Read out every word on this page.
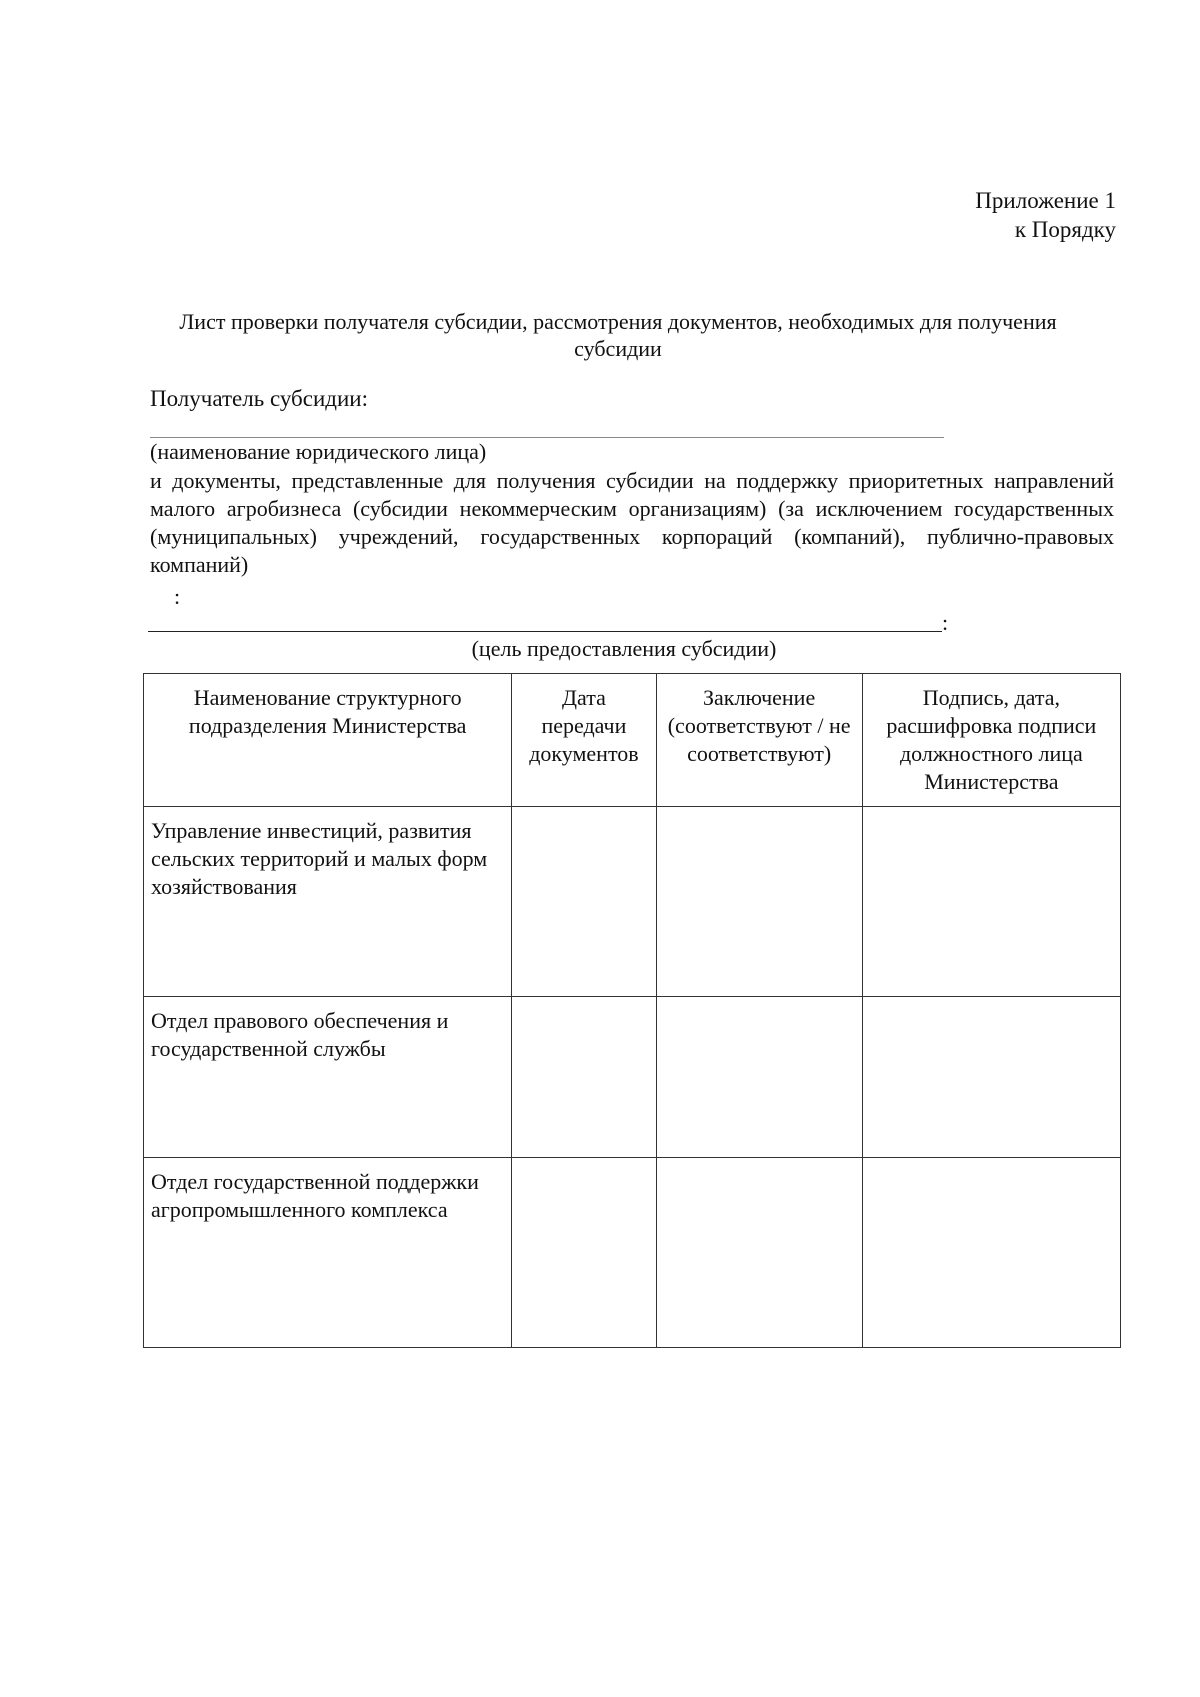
Приложение 1
к Порядку
Лист проверки получателя субсидии, рассмотрения документов, необходимых для получения субсидии
Получатель субсидии:
(наименование юридического лица)
и документы, представленные для получения субсидии на поддержку приоритетных направлений малого агробизнеса (субсидии некоммерческим организациям) (за исключением государственных (муниципальных) учреждений, государственных корпораций (компаний), публично-правовых компаний)
:
:
(цель предоставления субсидии)
Наименование структурного подразделения Министерства	Дата передачи документов	Заключение (соответствуют / не соответствуют)	Подпись, дата, расшифровка подписи должностного лица Министерства
Управление инвестиций, развития сельских территорий и малых форм хозяйствования			
Отдел правового обеспечения и государственной службы			
Отдел государственной поддержки агропромышленного комплекса			
